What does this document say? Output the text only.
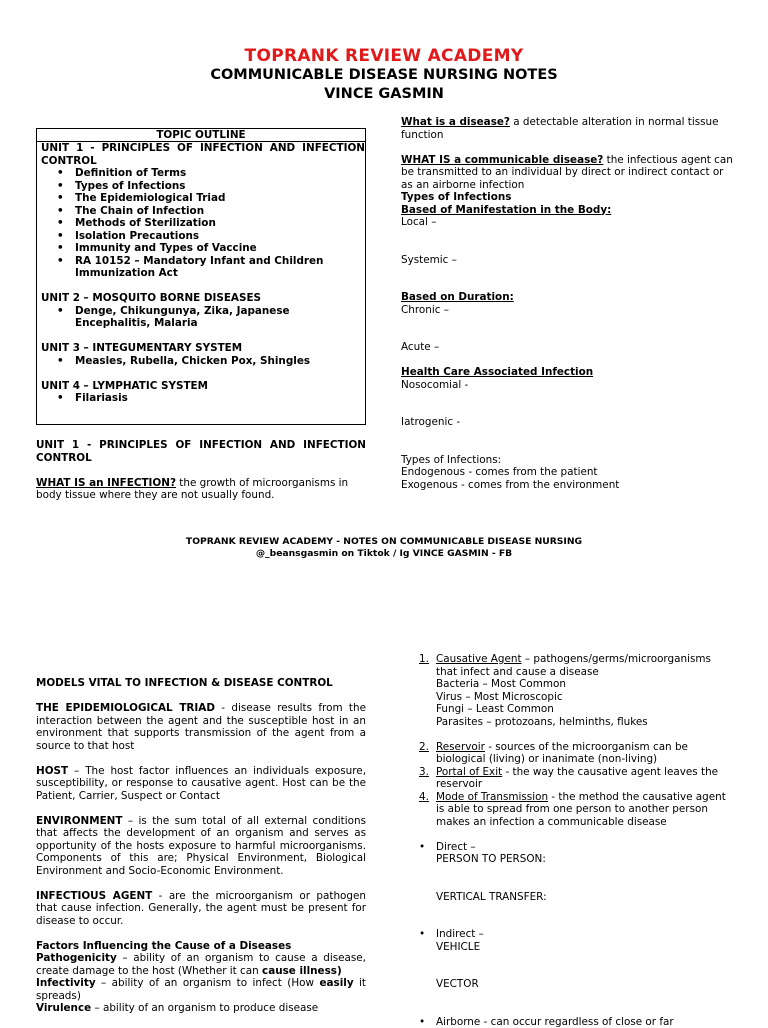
TOPRANK REVIEW ACADEMY
COMMUNICABLE DISEASE NURSING NOTES
VINCE GASMIN
TOPIC OUTLINE
UNIT 1 - PRINCIPLES OF INFECTION AND INFECTION CONTROL
• Definition of Terms
• Types of Infections
• The Epidemiological Triad
• The Chain of Infection
• Methods of Sterilization
• Isolation Precautions
• Immunity and Types of Vaccine
• RA 10152 – Mandatory Infant and Children Immunization Act
UNIT 2 – MOSQUITO BORNE DISEASES
• Denge, Chikungunya, Zika, Japanese Encephalitis, Malaria
UNIT 3 – INTEGUMENTARY SYSTEM
• Measles, Rubella, Chicken Pox, Shingles
UNIT 4 – LYMPHATIC SYSTEM
• Filariasis
UNIT 1 - PRINCIPLES OF INFECTION AND INFECTION CONTROL
WHAT IS an INFECTION? the growth of microorganisms in body tissue where they are not usually found.
What is a disease? a detectable alteration in normal tissue function
WHAT IS a communicable disease? the infectious agent can be transmitted to an individual by direct or indirect contact or as an airborne infection
Types of Infections
Based of Manifestation in the Body:
Local –
Systemic –
Based on Duration:
Chronic –
Acute –
Health Care Associated Infection
Nosocomial -
Iatrogenic -
Types of Infections:
Endogenous - comes from the patient
Exogenous - comes from the environment
TOPRANK REVIEW ACADEMY - NOTES ON COMMUNICABLE DISEASE NURSING
@_beansgasmin on Tiktok / Ig VINCE GASMIN - FB
MODELS VITAL TO INFECTION & DISEASE CONTROL
THE EPIDEMIOLOGICAL TRIAD - disease results from the interaction between the agent and the susceptible host in an environment that supports transmission of the agent from a source to that host
HOST – The host factor influences an individuals exposure, susceptibility, or response to causative agent. Host can be the Patient, Carrier, Suspect or Contact
ENVIRONMENT – is the sum total of all external conditions that affects the development of an organism and serves as opportunity of the hosts exposure to harmful microorganisms. Components of this are; Physical Environment, Biological Environment and Socio-Economic Environment.
INFECTIOUS AGENT - are the microorganism or pathogen that cause infection. Generally, the agent must be present for disease to occur.
Factors Influencing the Cause of a Diseases
Pathogenicity – ability of an organism to cause a disease, create damage to the host (Whether it can cause illness)
Infectivity – ability of an organism to infect (How easily it spreads)
Virulence – ability of an organism to produce disease
1. Causative Agent – pathogens/germs/microorganisms that infect and cause a disease
Bacteria – Most Common
Virus – Most Microscopic
Fungi – Least Common
Parasites – protozoans, helminths, flukes
2. Reservoir - sources of the microorganism can be biological (living) or inanimate (non-living)
3. Portal of Exit - the way the causative agent leaves the reservoir
4. Mode of Transmission - the method the causative agent is able to spread from one person to another person makes an infection a communicable disease
• Direct –
PERSON TO PERSON:
VERTICAL TRANSFER:
• Indirect –
VEHICLE
VECTOR
• Airborne - can occur regardless of close or far
